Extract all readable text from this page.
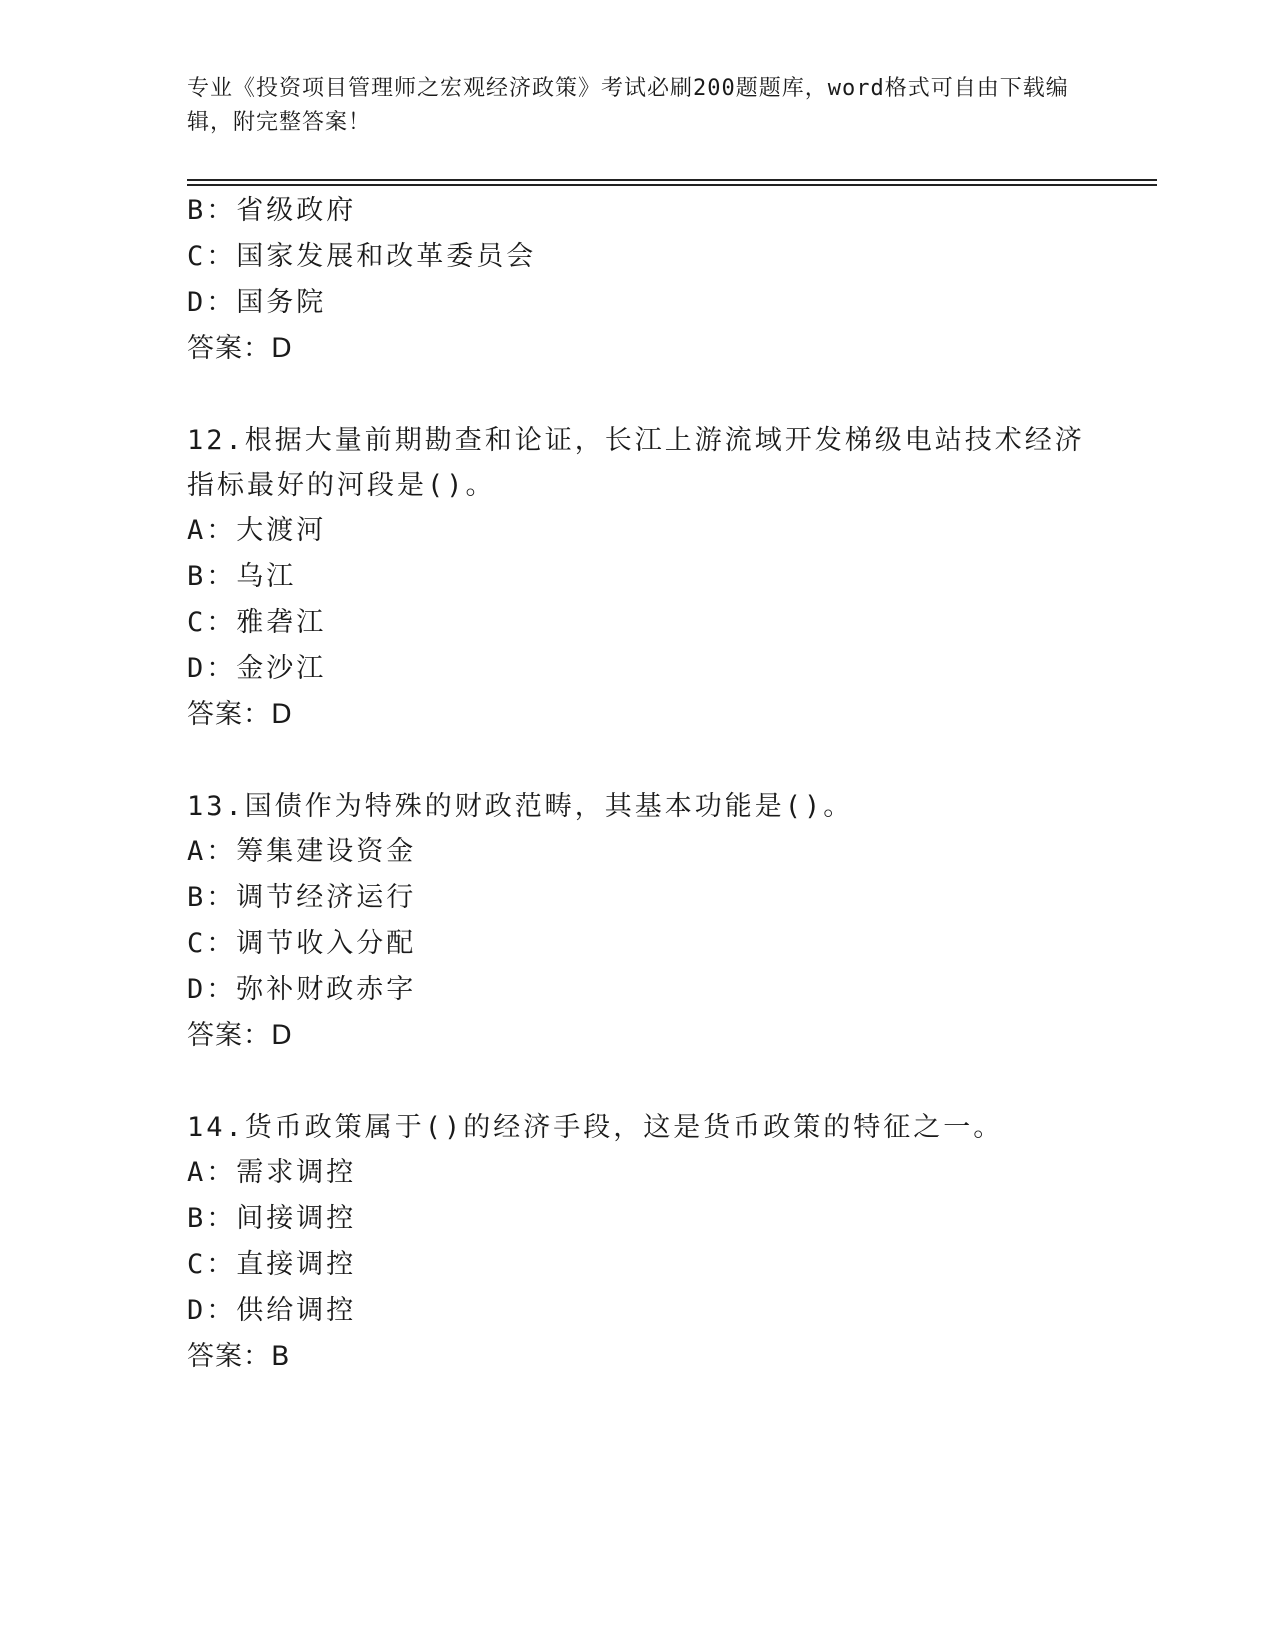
专业《投资项目管理师之宏观经济政策》考试必刷200题题库，word格式可自由下载编辑，附完整答案！
B：省级政府
C：国家发展和改革委员会
D：国务院
答案：D
12.根据大量前期勘查和论证，长江上游流域开发梯级电站技术经济指标最好的河段是()。
A：大渡河
B：乌江
C：雅砻江
D：金沙江
答案：D
13.国债作为特殊的财政范畴，其基本功能是()。
A：筹集建设资金
B：调节经济运行
C：调节收入分配
D：弥补财政赤字
答案：D
14.货币政策属于()的经济手段，这是货币政策的特征之一。
A：需求调控
B：间接调控
C：直接调控
D：供给调控
答案：B
